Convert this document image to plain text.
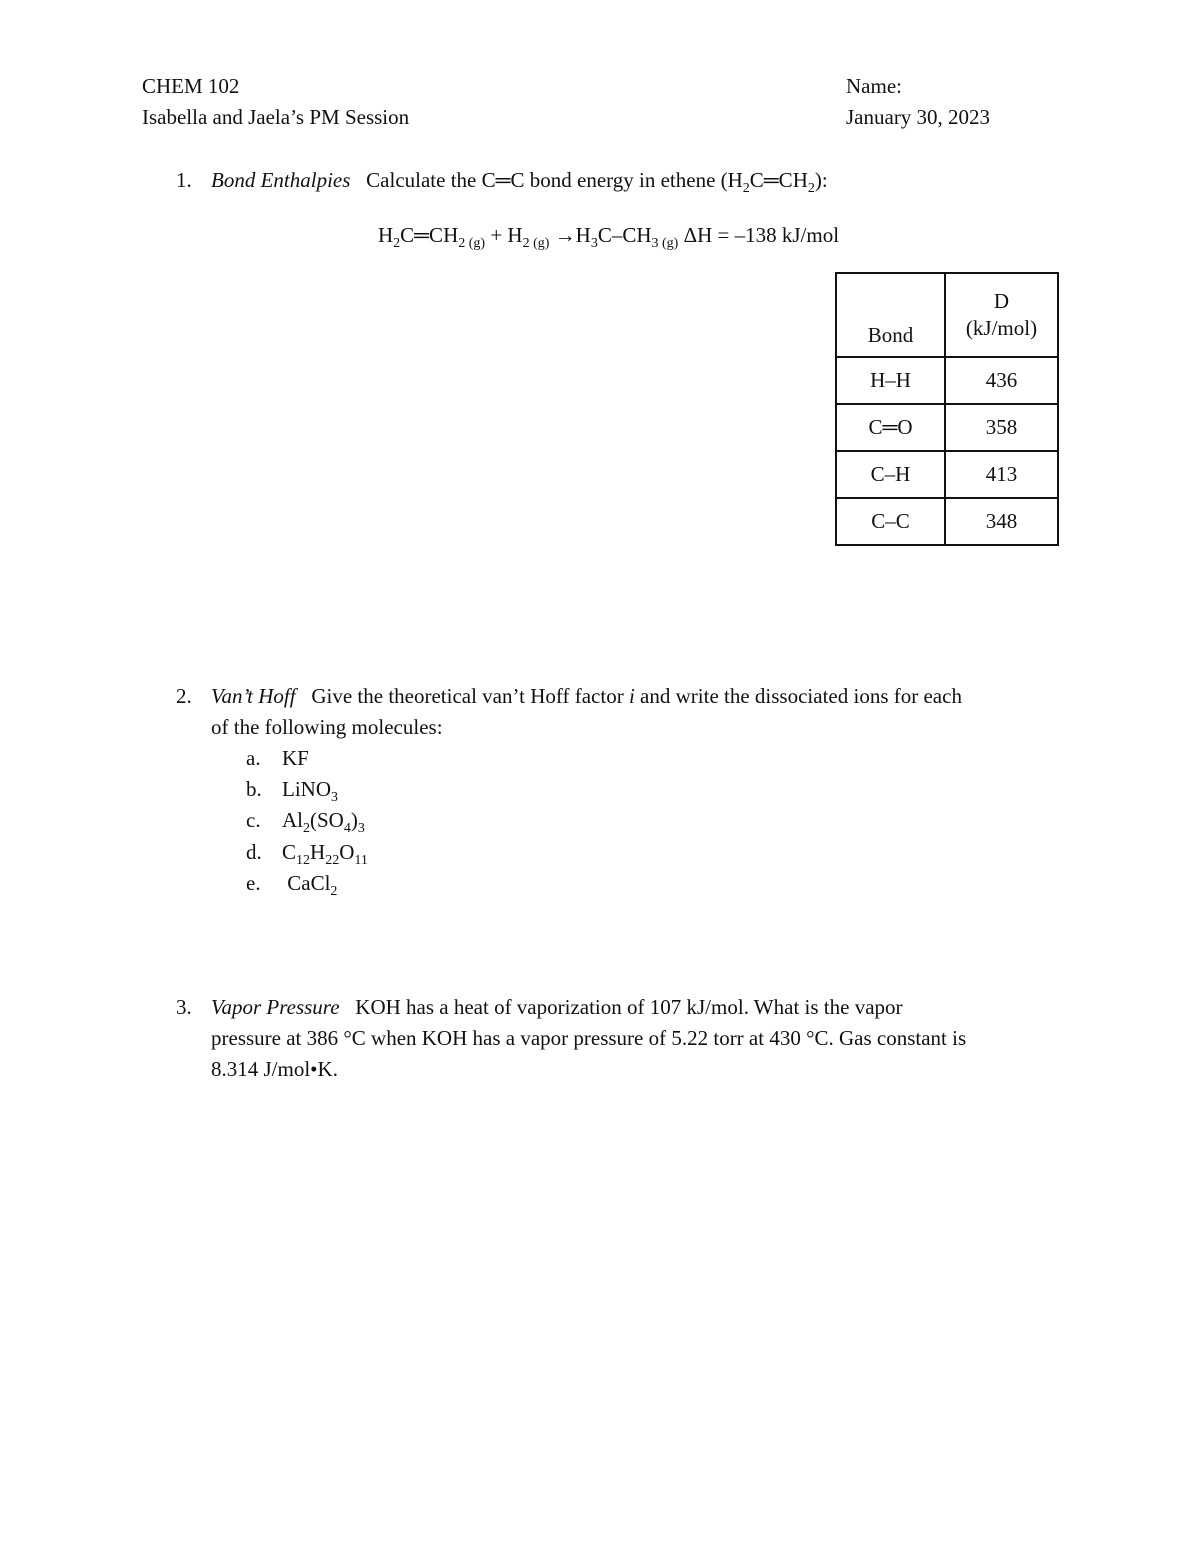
CHEM 102
Isabella and Jaela’s PM Session
Name:
January 30, 2023
1. Bond Enthalpies Calculate the C═C bond energy in ethene $(H_2C═CH_2)$:
$H_2C═CH_{2 (g)} + H_{2 (g)} \to H_3C-CH_{3 (g)}$ ΔH = –138 kJ/mol
Bond	D
(kJ/mol)
H–H	436
C═O	358
C–H	413
C–C	348
2. Van’t Hoff Give the theoretical van’t Hoff factor i and write the dissociated ions for each
of the following molecules:
a. KF
b. LiNO$_3$
c. $Al_2(SO_4)_3$
d. $C_{12}H_{22}O_{11}$
e. CaCl$_2$
3. Vapor Pressure KOH has a heat of vaporization of 107 kJ/mol. What is the vapor
pressure at 386 °C when KOH has a vapor pressure of 5.22 torr at 430 °C. Gas constant is
8.314 J/mol•K.
